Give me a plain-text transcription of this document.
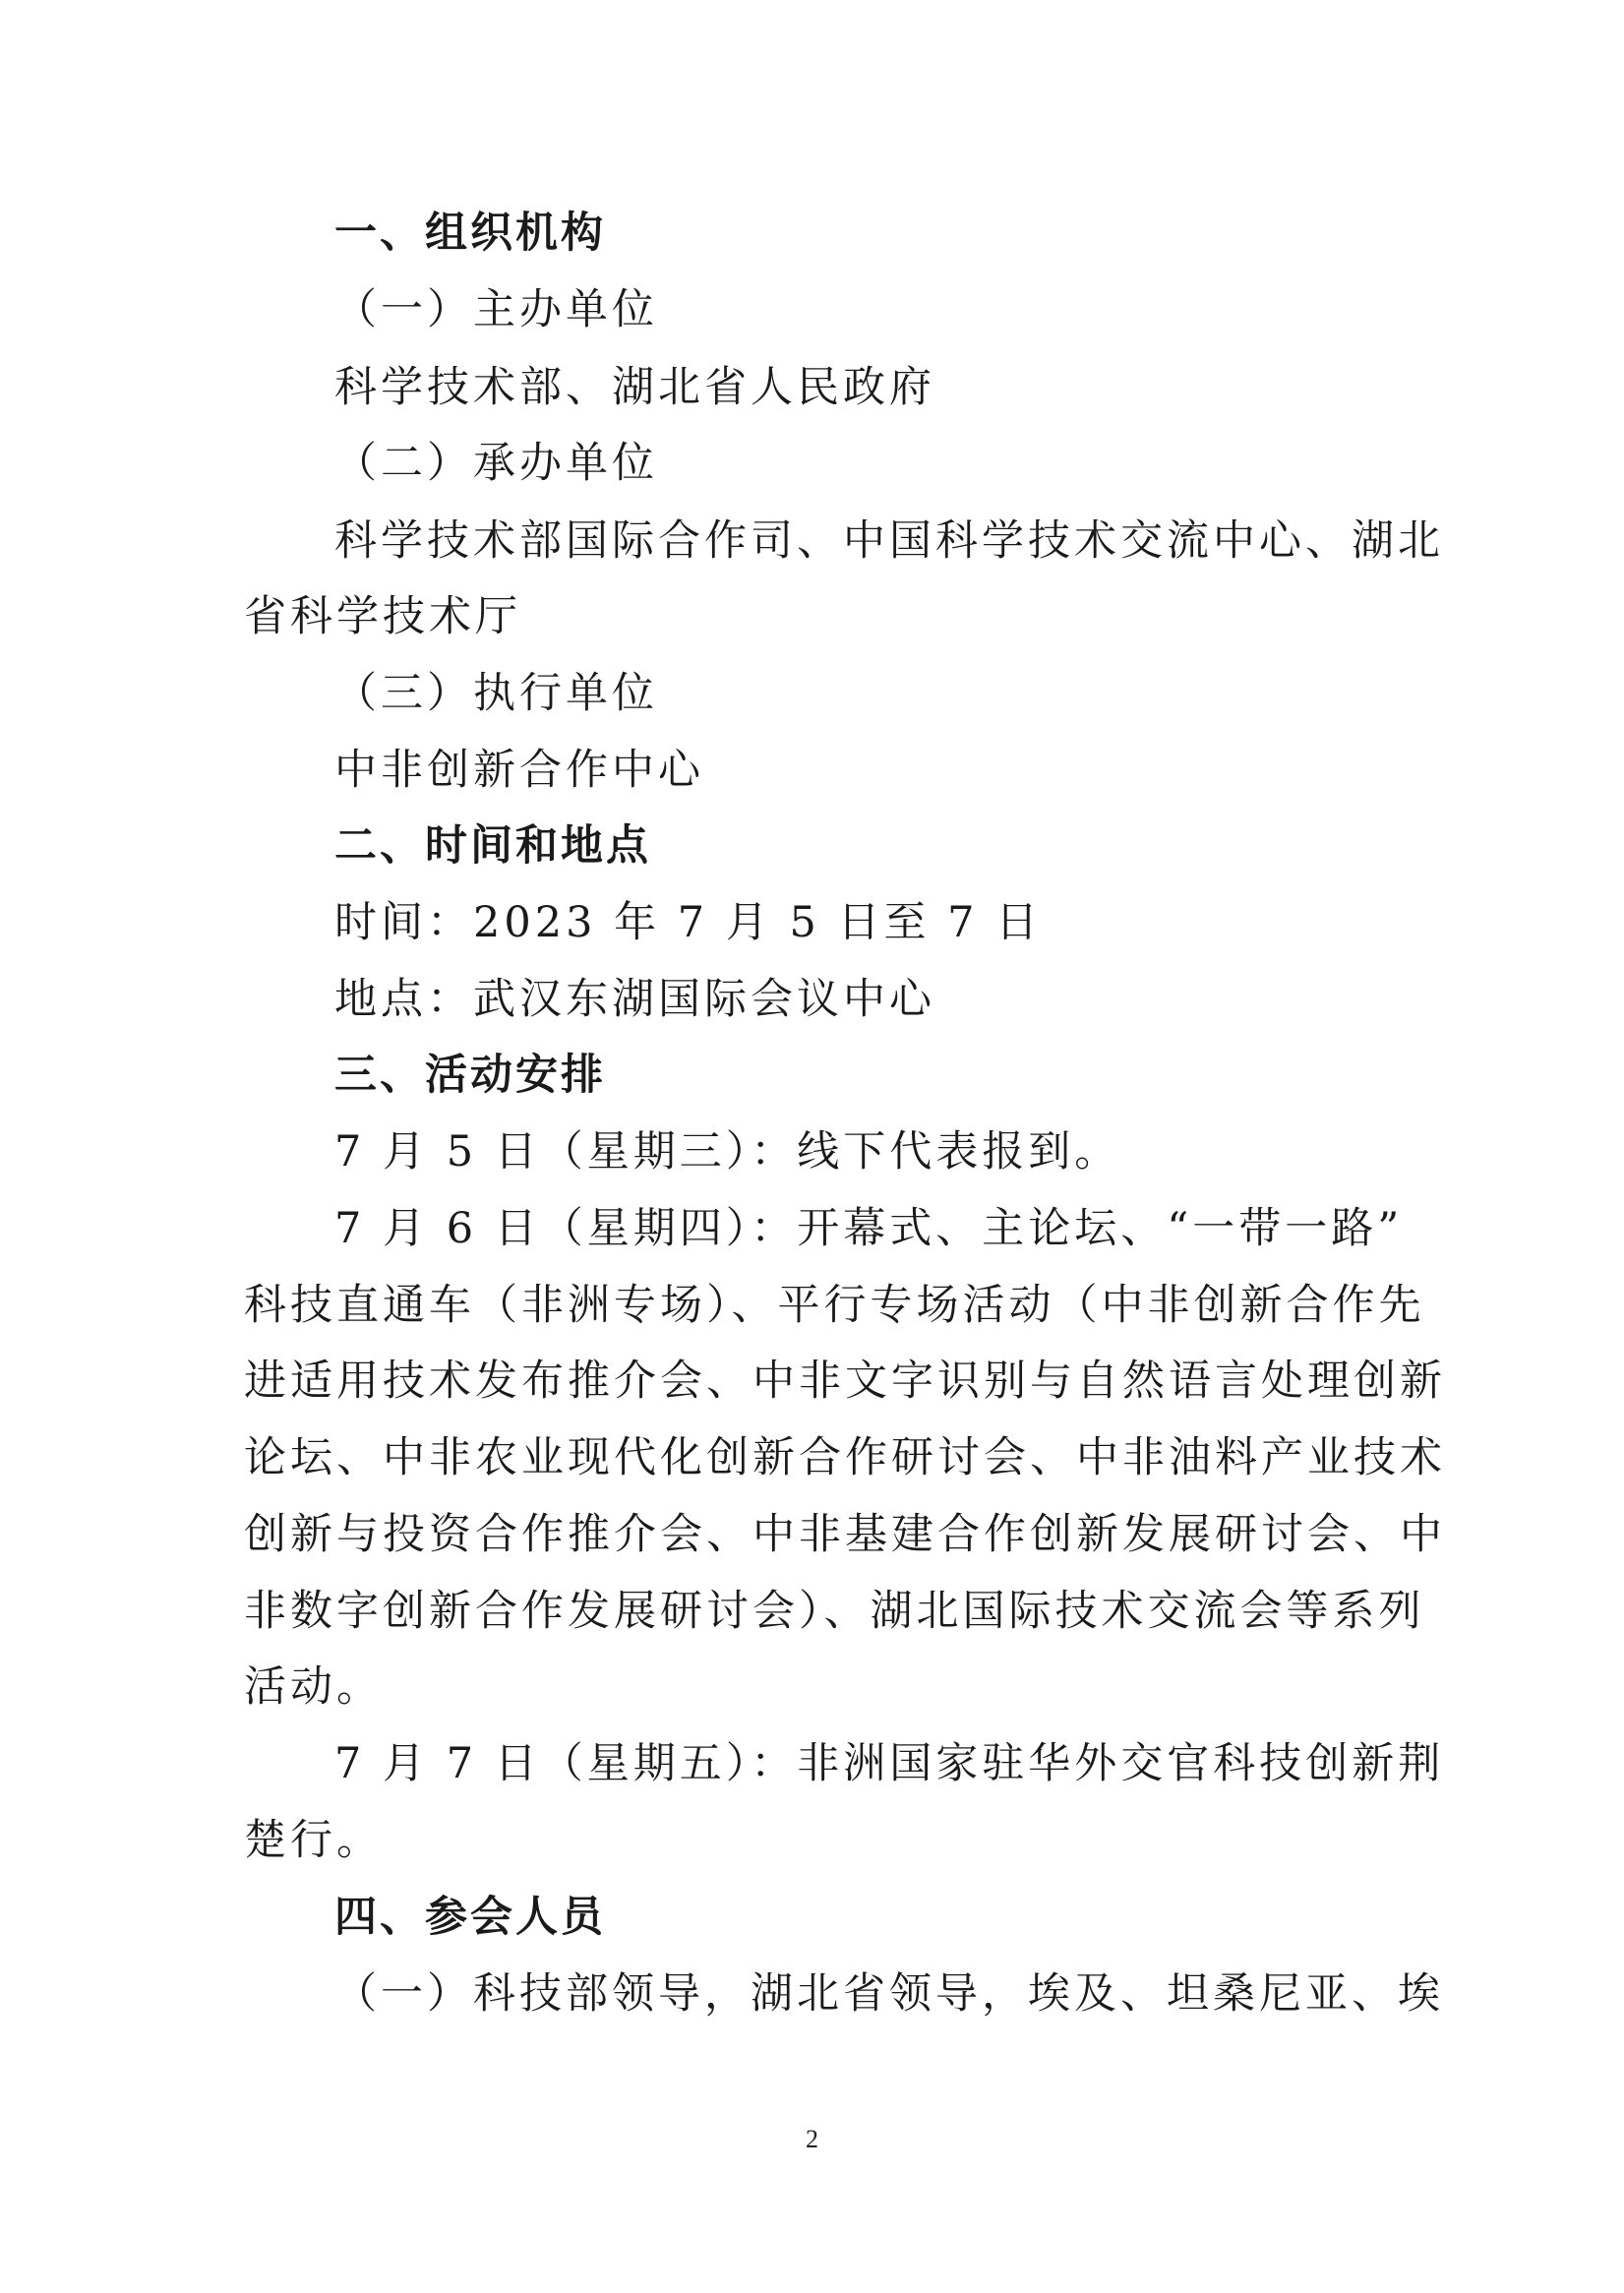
一、组织机构
（一）主办单位
科学技术部、湖北省人民政府
（二）承办单位
科学技术部国际合作司、中国科学技术交流中心、湖北
省科学技术厅
（三）执行单位
中非创新合作中心
二、时间和地点
时间：2023 年 7 月 5 日至 7 日
地点：武汉东湖国际会议中心
三、活动安排
7 月 5 日（星期三）：线下代表报到。
7 月 6 日（星期四）：开幕式、主论坛、“一带一路”
科技直通车（非洲专场）、平行专场活动（中非创新合作先
进适用技术发布推介会、中非文字识别与自然语言处理创新
论坛、中非农业现代化创新合作研讨会、中非油料产业技术
创新与投资合作推介会、中非基建合作创新发展研讨会、中
非数字创新合作发展研讨会）、湖北国际技术交流会等系列
活动。
7 月 7 日（星期五）：非洲国家驻华外交官科技创新荆
楚行。
四、参会人员
（一）科技部领导，湖北省领导，埃及、坦桑尼亚、埃
2
